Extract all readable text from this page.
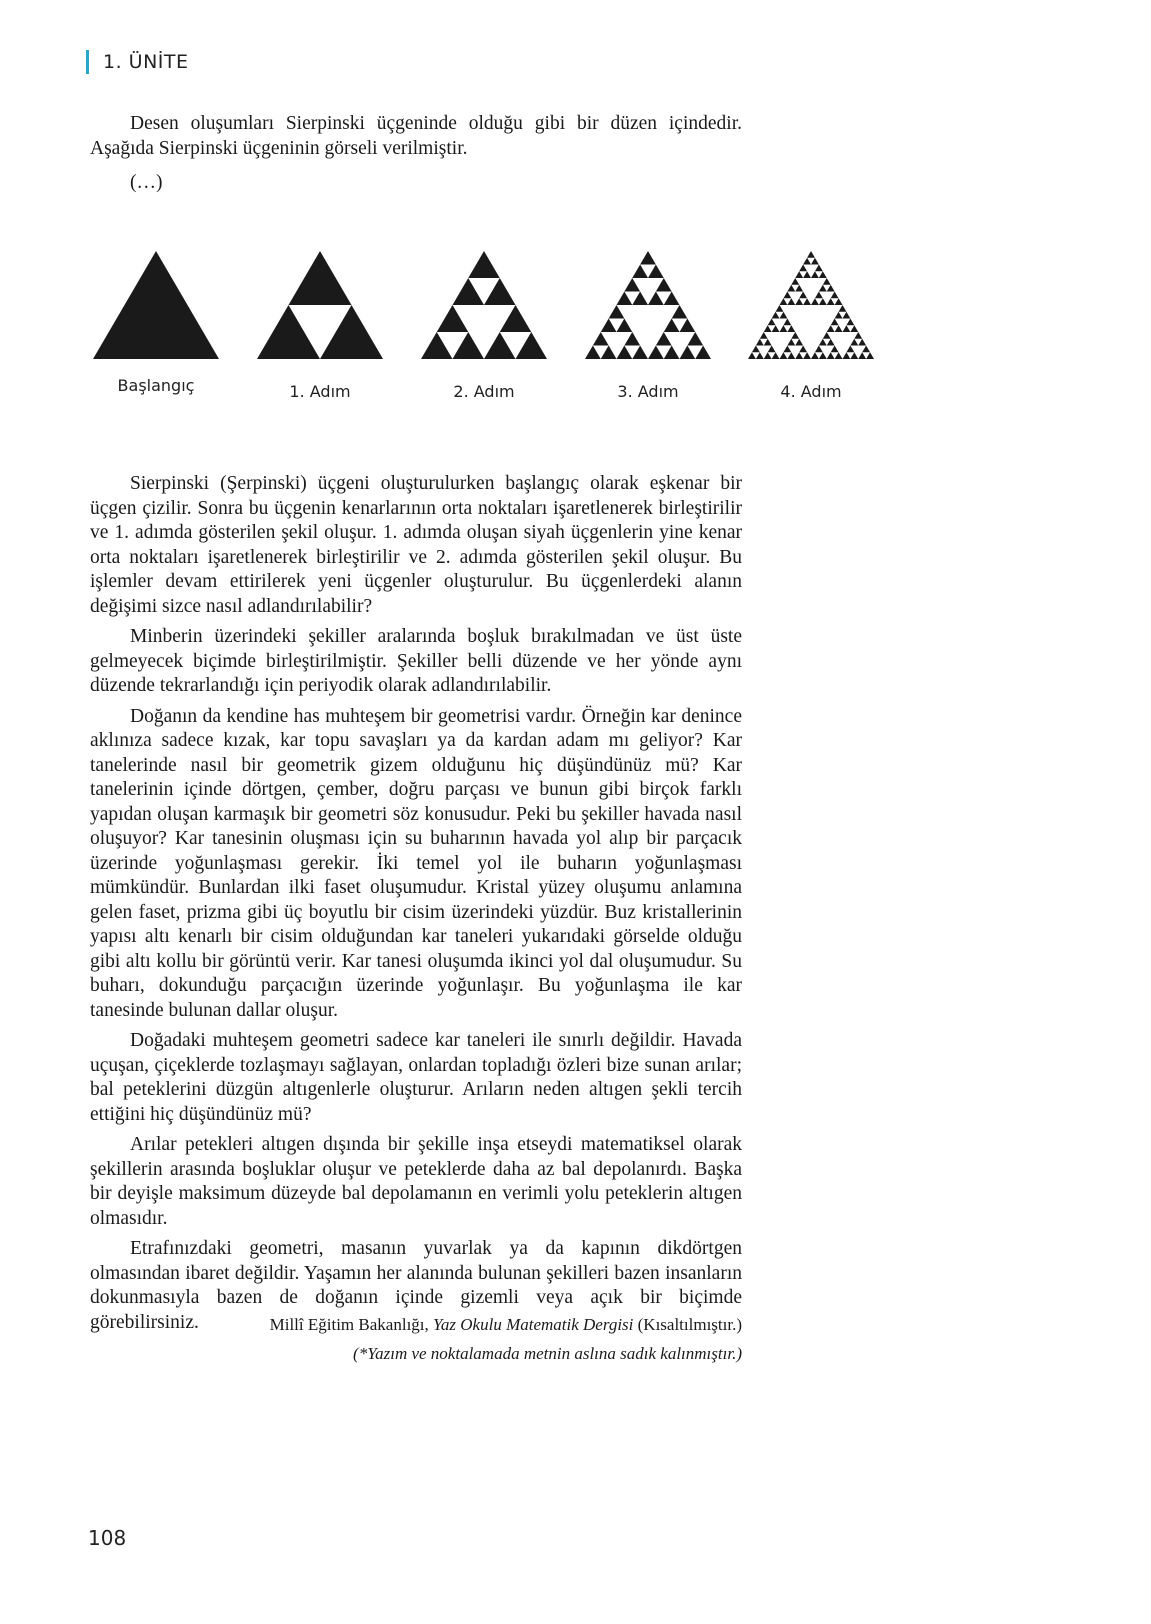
1. ÜNİTE

Desen oluşumları Sierpinski üçgeninde olduğu gibi bir düzen içindedir. Aşağıda Sierpinski üçgeninin görseli verilmiştir.

(…)

Başlangıç	1. Adım	2. Adım	3. Adım	4. Adım

Sierpinski (Şerpinski) üçgeni oluşturulurken başlangıç olarak eşkenar bir üçgen çizilir. Sonra bu üçgenin kenarlarının orta noktaları işaretlenerek birleştirilir ve 1. adımda gösterilen şekil oluşur. 1. adımda oluşan siyah üçgenlerin yine kenar orta noktaları işaretlenerek birleştirilir ve 2. adımda gösterilen şekil oluşur. Bu işlemler devam ettirilerek yeni üçgenler oluşturulur. Bu üçgenlerdeki alanın değişimi sizce nasıl adlandırılabilir?

Minberin üzerindeki şekiller aralarında boşluk bırakılmadan ve üst üste gelmeyecek biçimde birleştirilmiştir. Şekiller belli düzende ve her yönde aynı düzende tekrarlandığı için periyodik olarak adlandırılabilir.

Doğanın da kendine has muhteşem bir geometrisi vardır. Örneğin kar denince aklınıza sadece kızak, kar topu savaşları ya da kardan adam mı geliyor? Kar tanelerinde nasıl bir geometrik gizem olduğunu hiç düşündünüz mü? Kar tanelerinin içinde dörtgen, çember, doğru parçası ve bunun gibi birçok farklı yapıdan oluşan karmaşık bir geometri söz konusudur. Peki bu şekiller havada nasıl oluşuyor? Kar tanesinin oluşması için su buharının havada yol alıp bir parçacık üzerinde yoğunlaşması gerekir. İki temel yol ile buharın yoğunlaşması mümkündür. Bunlardan ilki faset oluşumudur. Kristal yüzey oluşumu anlamına gelen faset, prizma gibi üç boyutlu bir cisim üzerindeki yüzdür. Buz kristallerinin yapısı altı kenarlı bir cisim olduğundan kar taneleri yukarıdaki görselde olduğu gibi altı kollu bir görüntü verir. Kar tanesi oluşumda ikinci yol dal oluşumudur. Su buharı, dokunduğu parçacığın üzerinde yoğunlaşır. Bu yoğunlaşma ile kar tanesinde bulunan dallar oluşur.

Doğadaki muhteşem geometri sadece kar taneleri ile sınırlı değildir. Havada uçuşan, çiçeklerde tozlaşmayı sağlayan, onlardan topladığı özleri bize sunan arılar; bal peteklerini düzgün altıgenlerle oluşturur. Arıların neden altıgen şekli tercih ettiğini hiç düşündünüz mü?

Arılar petekleri altıgen dışında bir şekille inşa etseydi matematiksel olarak şekillerin arasında boşluklar oluşur ve peteklerde daha az bal depolanırdı. Başka bir deyişle maksimum düzeyde bal depolamanın en verimli yolu peteklerin altıgen olmasıdır.

Etrafınızdaki geometri, masanın yuvarlak ya da kapının dikdörtgen olmasından ibaret değildir. Yaşamın her alanında bulunan şekilleri bazen insanların dokunmasıyla bazen de doğanın içinde gizemli veya açık bir biçimde görebilirsiniz.	Millî Eğitim Bakanlığı, Yaz Okulu Matematik Dergisi (Kısaltılmıştır.)
(*Yazım ve noktalamada metnin aslına sadık kalınmıştır.)
108
